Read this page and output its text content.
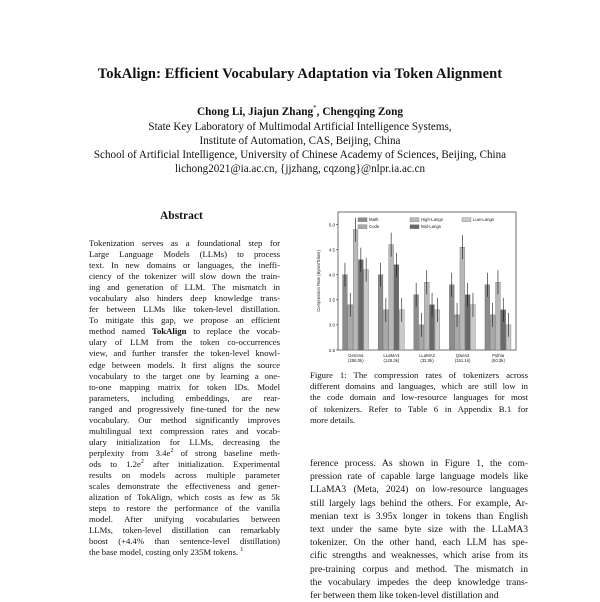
TokAlign: Efficient Vocabulary Adaptation via Token Alignment
Chong Li, Jiajun Zhang*, Chengqing Zong
State Key Laboratory of Multimodal Artificial Intelligence Systems,
Institute of Automation, CAS, Beijing, China
School of Artificial Intelligence, University of Chinese Academy of Sciences, Beijing, China
lichong2021@ia.ac.cn, {jjzhang, cqzong}@nlpr.ia.ac.cn
Abstract
Tokenization serves as a foundational step for
Large Language Models (LLMs) to process
text. In new domains or languages, the ineffi-
ciency of the tokenizer will slow down the train-
ing and generation of LLM. The mismatch in
vocabulary also hinders deep knowledge trans-
fer between LLMs like token-level distillation.
To mitigate this gap, we propose an efficient
method named TokAlign to replace the vocab-
ulary of LLM from the token co-occurrences
view, and further transfer the token-level knowl-
edge between models. It first aligns the source
vocabulary to the target one by learning a one-
to-one mapping matrix for token IDs. Model
parameters, including embeddings, are rear-
ranged and progressively fine-tuned for the new
vocabulary. Our method significantly improves
multilingual text compression rates and vocab-
ulary initialization for LLMs, decreasing the
perplexity from $3.4e^2$ of strong baseline meth-
ods to $1.2e^2$ after initialization. Experimental
results on models across multiple parameter
scales demonstrate the effectiveness and gener-
alization of TokAlign, which costs as few as 5k
steps to restore the performance of the vanilla
model. After unifying vocabularies between
LLMs, token-level distillation can remarkably
boost (+4.4% than sentence-level distillation)
the base model, costing only 235M tokens. $^1$
2.5
3.0
3.5
4.0
4.5
5.0
Compression Rate (Bytes/Token)
Gemma
(256.0k)
LLaMA3
(128.3k)
LLaMA2
(32.0k)
Qwen2
(151.1k)
Pythia
(50.3k)
Math	High-Langs	Low-Langs
Code	Mid-Langs
Figure 1: The compression rates of tokenizers across
different domains and languages, which are still low in
the code domain and low-resource languages for most
of tokenizers. Refer to Table 6 in Appendix B.1 for
more details.
ference process. As shown in Figure 1, the com-
pression rate of capable large language models like
LLaMA3 (Meta, 2024) on low-resource languages
still largely lags behind the others. For example, Ar-
menian text is 3.95x longer in tokens than English
text under the same byte size with the LLaMA3
tokenizer. On the other hand, each LLM has spe-
cific strengths and weaknesses, which arise from its
pre-training corpus and method. The mismatch in
the vocabulary impedes the deep knowledge trans-
fer between them like token-level distillation and
